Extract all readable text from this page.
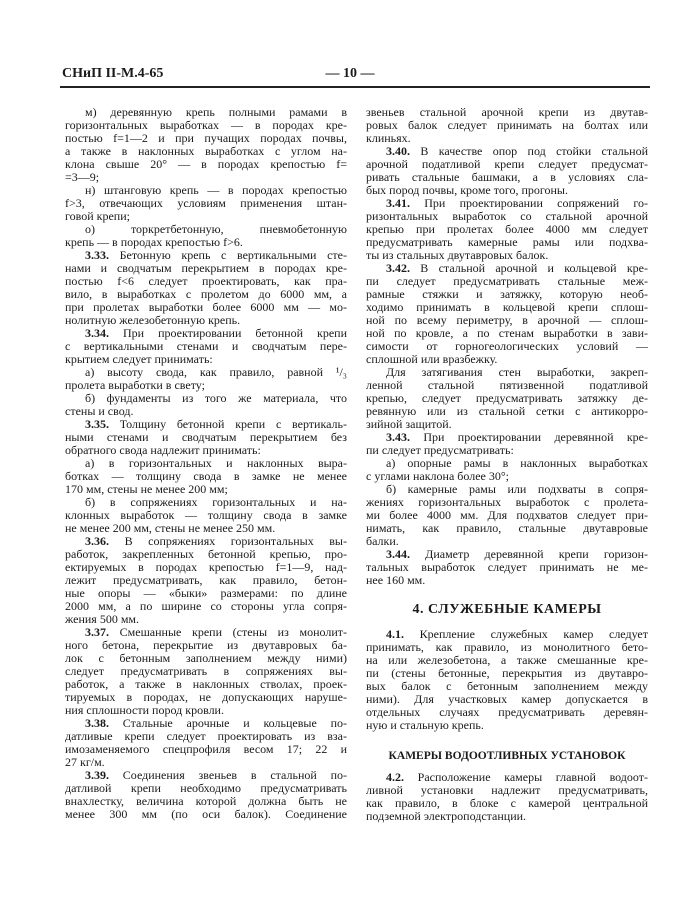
СНиП II-М.4-65	— 10 —
м) деревянную крепь полными рамами в
горизонтальных выработках — в породах кре-
постью f=1—2 и при пучащих породах почвы,
а также в наклонных выработках с углом на-
клона свыше 20° — в породах крепостью f=
=3—9;
н) штанговую крепь — в породах крепостью
f>3, отвечающих условиям применения штан-
говой крепи;
о) торкретбетонную, пневмобетонную
крепь — в породах крепостью f>6.
3.33. Бетонную крепь с вертикальными сте-
нами и сводчатым перекрытием в породах кре-
постью f<6 следует проектировать, как пра-
вило, в выработках с пролетом до 6000 мм, а
при пролетах выработки более 6000 мм — мо-
нолитную железобетонную крепь.
3.34. При проектировании бетонной крепи
с вертикальными стенами и сводчатым пере-
крытием следует принимать:
а) высоту свода, как правило, равной ¹/₃
пролета выработки в свету;
б) фундаменты из того же материала, что
стены и свод.
3.35. Толщину бетонной крепи с вертикаль-
ными стенами и сводчатым перекрытием без
обратного свода надлежит принимать:
а) в горизонтальных и наклонных выра-
ботках — толщину свода в замке не менее
170 мм, стены не менее 200 мм;
б) в сопряжениях горизонтальных и на-
клонных выработок — толщину свода в замке
не менее 200 мм, стены не менее 250 мм.
3.36. В сопряжениях горизонтальных вы-
работок, закрепленных бетонной крепью, про-
ектируемых в породах крепостью f=1—9, над-
лежит предусматривать, как правило, бетон-
ные опоры — «быки» размерами: по длине
2000 мм, а по ширине со стороны угла сопря-
жения 500 мм.
3.37. Смешанные крепи (стены из монолит-
ного бетона, перекрытие из двутавровых ба-
лок с бетонным заполнением между ними)
следует предусматривать в сопряжениях вы-
работок, а также в наклонных стволах, проек-
тируемых в породах, не допускающих наруше-
ния сплошности пород кровли.
3.38. Стальные арочные и кольцевые по-
датливые крепи следует проектировать из вза-
имозаменяемого спецпрофиля весом 17; 22 и
27 кг/м.
3.39. Соединения звеньев в стальной по-
датливой крепи необходимо предусматривать
внахлестку, величина которой должна быть не
менее 300 мм (по оси балок). Соединение
звеньев стальной арочной крепи из двутав-
ровых балок следует принимать на болтах или
клиньях.
3.40. В качестве опор под стойки стальной
арочной податливой крепи следует предусмат-
ривать стальные башмаки, а в условиях сла-
бых пород почвы, кроме того, прогоны.
3.41. При проектировании сопряжений го-
ризонтальных выработок со стальной арочной
крепью при пролетах более 4000 мм следует
предусматривать камерные рамы или подхва-
ты из стальных двутавровых балок.
3.42. В стальной арочной и кольцевой кре-
пи следует предусматривать стальные меж-
рамные стяжки и затяжку, которую необ-
ходимо принимать в кольцевой крепи сплош-
ной по всему периметру, в арочной — сплош-
ной по кровле, а по стенам выработки в зави-
симости от горногеологических условий —
сплошной или вразбежку.
Для затягивания стен выработки, закреп-
ленной стальной пятизвенной податливой
крепью, следует предусматривать затяжку де-
ревянную или из стальной сетки с антикорро-
зийной защитой.
3.43. При проектировании деревянной кре-
пи следует предусматривать:
а) опорные рамы в наклонных выработках
с углами наклона более 30°;
б) камерные рамы или подхваты в сопря-
жениях горизонтальных выработок с пролета-
ми более 4000 мм. Для подхватов следует при-
нимать, как правило, стальные двутавровые
балки.
3.44. Диаметр деревянной крепи горизон-
тальных выработок следует принимать не ме-
нее 160 мм.
4. СЛУЖЕБНЫЕ КАМЕРЫ
4.1. Крепление служебных камер следует
принимать, как правило, из монолитного бето-
на или железобетона, а также смешанные кре-
пи (стены бетонные, перекрытия из двутавро-
вых балок с бетонным заполнением между
ними). Для участковых камер допускается в
отдельных случаях предусматривать деревян-
ную и стальную крепь.
КАМЕРЫ ВОДООТЛИВНЫХ УСТАНОВОК
4.2. Расположение камеры главной водоот-
ливной установки надлежит предусматривать,
как правило, в блоке с камерой центральной
подземной электроподстанции.
